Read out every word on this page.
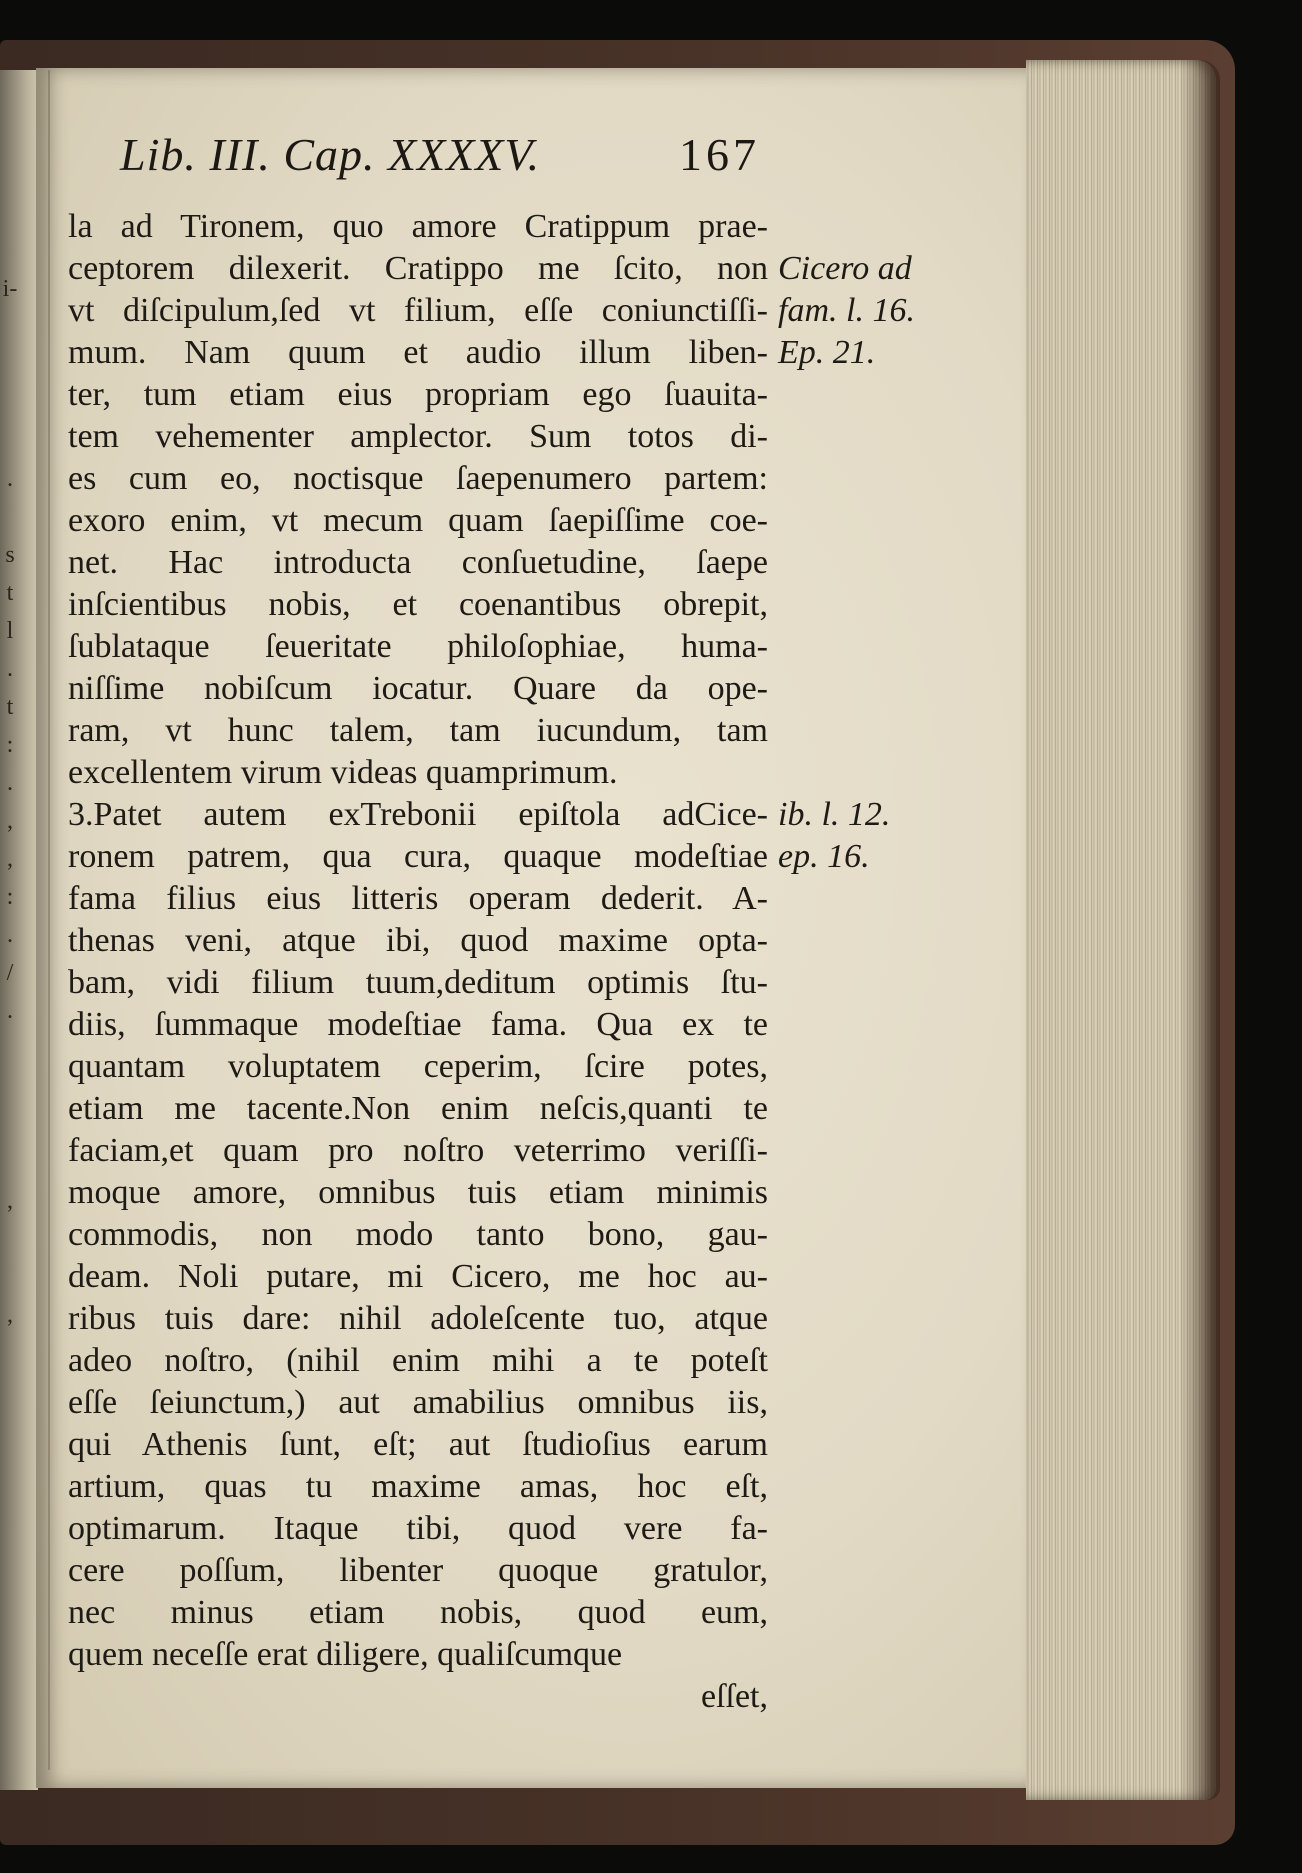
i-
.
s
t
l
.
t
:
.
,
,
:
.
/
.
,
,
Lib. III. Cap. XXXXV.	167
la ad Tironem, quo amore Cratippum prae-
ceptorem dilexerit. Cratippo me ſcito, non
vt diſcipulum,ſed vt filium, eſſe coniunctiſſi-
mum. Nam quum et audio illum liben-
ter, tum etiam eius propriam ego ſuauita-
tem vehementer amplector. Sum totos di-
es cum eo, noctisque ſaepenumero partem:
exoro enim, vt mecum quam ſaepiſſime coe-
net. Hac introducta conſuetudine, ſaepe
inſcientibus nobis, et coenantibus obrepit,
ſublataque ſeueritate philoſophiae, huma-
niſſime nobiſcum iocatur. Quare da ope-
ram, vt hunc talem, tam iucundum, tam
excellentem virum videas quamprimum.
3.Patet autem exTrebonii epiſtola adCice-
ronem patrem, qua cura, quaque modeſtiae
fama filius eius litteris operam dederit. A-
thenas veni, atque ibi, quod maxime opta-
bam, vidi filium tuum,deditum optimis ſtu-
diis, ſummaque modeſtiae fama. Qua ex te
quantam voluptatem ceperim, ſcire potes,
etiam me tacente.Non enim neſcis,quanti te
faciam,et quam pro noſtro veterrimo veriſſi-
moque amore, omnibus tuis etiam minimis
commodis, non modo tanto bono, gau-
deam. Noli putare, mi Cicero, me hoc au-
ribus tuis dare: nihil adoleſcente tuo, atque
adeo noſtro, (nihil enim mihi a te poteſt
eſſe ſeiunctum,) aut amabilius omnibus iis,
qui Athenis ſunt, eſt; aut ſtudioſius earum
artium, quas tu maxime amas, hoc eſt,
optimarum. Itaque tibi, quod vere fa-
cere poſſum, libenter quoque gratulor,
nec minus etiam nobis, quod eum,
quem neceſſe erat diligere, qualiſcumque
eſſet,
Cicero ad
fam. l. 16.
Ep. 21.
ib. l. 12.
ep. 16.
